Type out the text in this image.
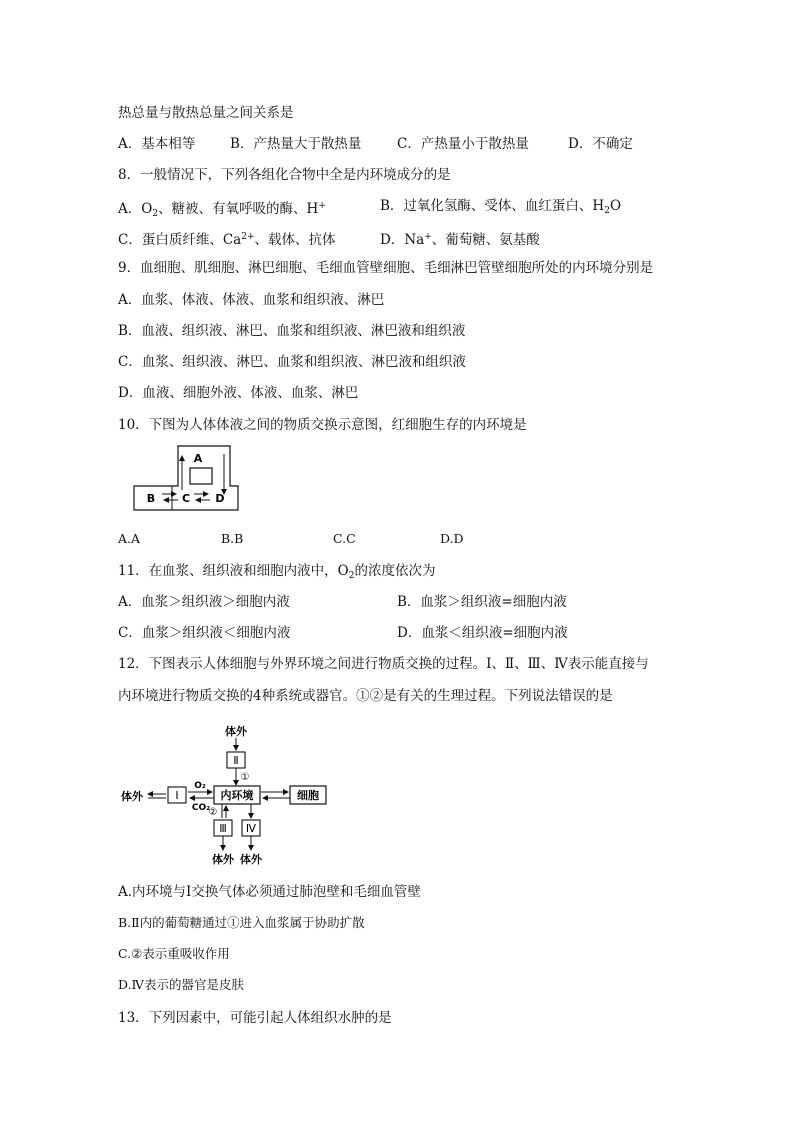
热总量与散热总量之间关系是
A．基本相等	B．产热量大于散热量	C．产热量小于散热量	D．不确定
8．一般情况下，下列各组化合物中全是内环境成分的是
A．$O_2$、糖被、有氧呼吸的酶、H+	B．过氧化氢酶、受体、血红蛋白、$H_2O$
C．蛋白质纤维、$Ca^{2+}$、载体、抗体	D．Na+、葡萄糖、氨基酸
9．血细胞、肌细胞、淋巴细胞、毛细血管壁细胞、毛细淋巴管壁细胞所处的内环境分别是
A．血浆、体液、体液、血浆和组织液、淋巴
B．血液、组织液、淋巴、血浆和组织液、淋巴液和组织液
C．血浆、组织液、淋巴、血浆和组织液、淋巴液和组织液
D．血液、细胞外液、体液、血浆、淋巴
10．下图为人体体液之间的物质交换示意图，红细胞生存的内环境是
A
B C D
A.A	B.B	C.C	D.D
11．在血浆、组织液和细胞内液中，$O_2$的浓度依次为
A．血浆＞组织液＞细胞内液	B．血浆＞组织液=细胞内液
C．血浆＞组织液＜细胞内液	D．血浆＜组织液=细胞内液
12．下图表示人体细胞与外界环境之间进行物质交换的过程。Ⅰ、Ⅱ、Ⅲ、Ⅳ表示能直接与
内环境进行物质交换的4种系统或器官。①②是有关的生理过程。下列说法错误的是
体外
Ⅱ
①
体外	Ⅰ
O₂
CO₂
内环境	细胞
②
Ⅲ
体外
Ⅳ
体外
A.内环境与Ⅰ交换气体必须通过肺泡壁和毛细血管壁
B.Ⅱ内的葡萄糖通过①进入血浆属于协助扩散
C.②表示重吸收作用
D.Ⅳ表示的器官是皮肤
13．下列因素中，可能引起人体组织水肿的是
